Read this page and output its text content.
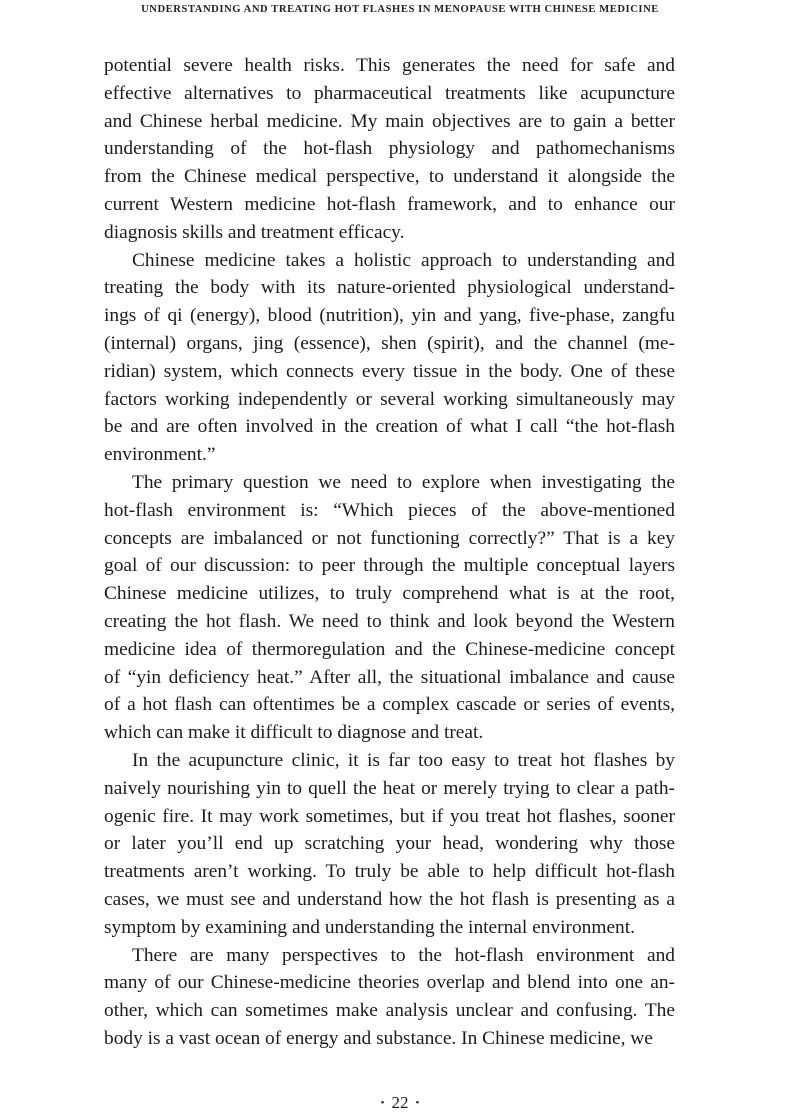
UNDERSTANDING AND TREATING HOT FLASHES IN MENOPAUSE WITH CHINESE MEDICINE
potential severe health risks. This generates the need for safe and
effective alternatives to pharmaceutical treatments like acupuncture
and Chinese herbal medicine. My main objectives are to gain a better
understanding of the hot-flash physiology and pathomechanisms
from the Chinese medical perspective, to understand it alongside the
current Western medicine hot-flash framework, and to enhance our
diagnosis skills and treatment efficacy.
Chinese medicine takes a holistic approach to understanding and
treating the body with its nature-oriented physiological understand-
ings of qi (energy), blood (nutrition), yin and yang, five-phase, zangfu
(internal) organs, jing (essence), shen (spirit), and the channel (me-
ridian) system, which connects every tissue in the body. One of these
factors working independently or several working simultaneously may
be and are often involved in the creation of what I call “the hot-flash
environment.”
The primary question we need to explore when investigating the
hot-flash environment is: “Which pieces of the above-mentioned
concepts are imbalanced or not functioning correctly?” That is a key
goal of our discussion: to peer through the multiple conceptual layers
Chinese medicine utilizes, to truly comprehend what is at the root,
creating the hot flash. We need to think and look beyond the Western
medicine idea of thermoregulation and the Chinese-medicine concept
of “yin deficiency heat.” After all, the situational imbalance and cause
of a hot flash can oftentimes be a complex cascade or series of events,
which can make it difficult to diagnose and treat.
In the acupuncture clinic, it is far too easy to treat hot flashes by
naively nourishing yin to quell the heat or merely trying to clear a path-
ogenic fire. It may work sometimes, but if you treat hot flashes, sooner
or later you’ll end up scratching your head, wondering why those
treatments aren’t working. To truly be able to help difficult hot-flash
cases, we must see and understand how the hot flash is presenting as a
symptom by examining and understanding the internal environment.
There are many perspectives to the hot-flash environment and
many of our Chinese-medicine theories overlap and blend into one an-
other, which can sometimes make analysis unclear and confusing. The
body is a vast ocean of energy and substance. In Chinese medicine, we
• 22 •
